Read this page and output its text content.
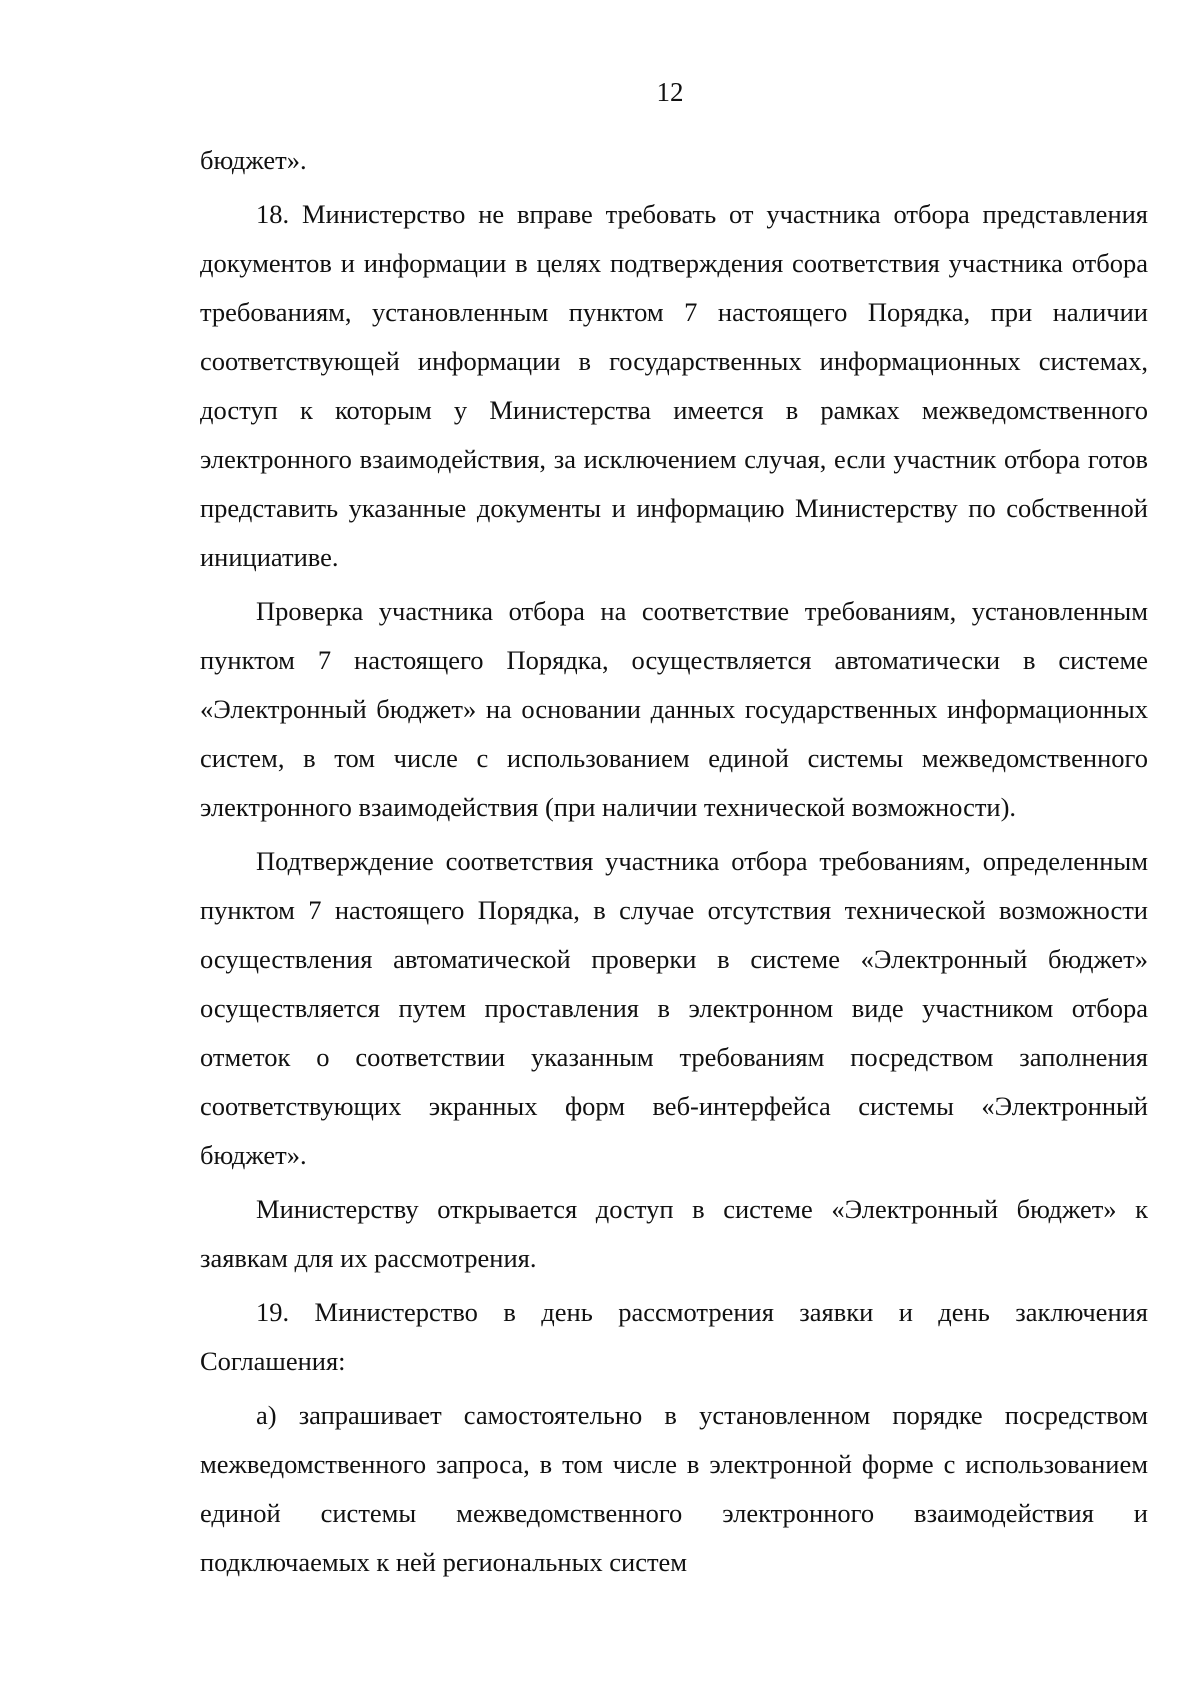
12

бюджет».

18. Министерство не вправе требовать от участника отбора представления документов и информации в целях подтверждения соответствия участника отбора требованиям, установленным пунктом 7 настоящего Порядка, при наличии соответствующей информации в государственных информационных системах, доступ к которым у Министерства имеется в рамках межведомственного электронного взаимодействия, за исключением случая, если участник отбора готов представить указанные документы и информацию Министерству по собственной инициативе.

Проверка участника отбора на соответствие требованиям, установленным пунктом 7 настоящего Порядка, осуществляется автоматически в системе «Электронный бюджет» на основании данных государственных информационных систем, в том числе с использованием единой системы межведомственного электронного взаимодействия (при наличии технической возможности).

Подтверждение соответствия участника отбора требованиям, определенным пунктом 7 настоящего Порядка, в случае отсутствия технической возможности осуществления автоматической проверки в системе «Электронный бюджет» осуществляется путем проставления в электронном виде участником отбора отметок о соответствии указанным требованиям посредством заполнения соответствующих экранных форм веб-интерфейса системы «Электронный бюджет».

Министерству открывается доступ в системе «Электронный бюджет» к заявкам для их рассмотрения.

19. Министерство в день рассмотрения заявки и день заключения Соглашения:

а) запрашивает самостоятельно в установленном порядке посредством межведомственного запроса, в том числе в электронной форме с использованием единой системы межведомственного электронного взаимодействия и подключаемых к ней региональных систем
